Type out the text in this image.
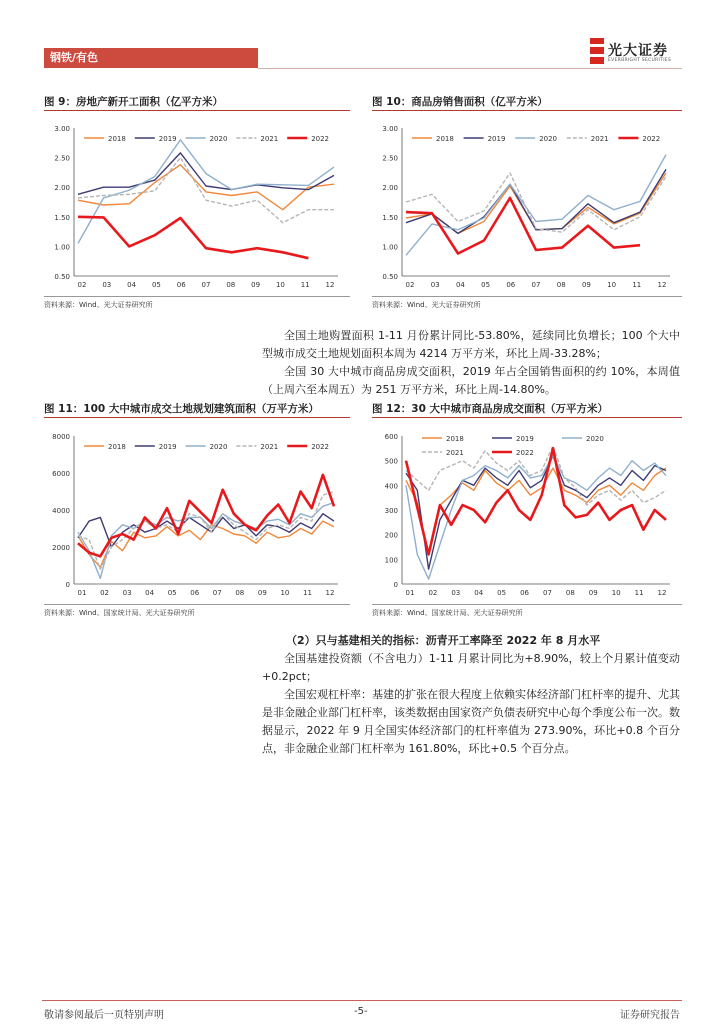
钢铁/有色	光大证券
EVERBRIGHT SECURITIES
图 9：房地产新开工面积（亿平方米）
3.00
2.50
2.00
1.50
1.00
0.50
02 03 04 05 06 07 08 09 10 11 12
2018	2019	2020	2021	2022
资料来源：Wind、光大证券研究所
图 10：商品房销售面积（亿平方米）
3.00
2.50
2.00
1.50
1.00
0.50
02 03 04 05 06 07 08 09 10 11 12
2018	2019	2020	2021	2022
资料来源：Wind、光大证券研究所
全国土地购置面积 1-11 月份累计同比-53.80%，延续同比负增长；100 个大中型城市成交土地规划面积本周为 4214 万平方米，环比上周-33.28%；
全国 30 大中城市商品房成交面积，2019 年占全国销售面积的约 10%，本周值（上周六至本周五）为 251 万平方米，环比上周-14.80%。
图 11：100 大中城市成交土地规划建筑面积（万平方米）
8000
6000
4000
2000
0
01 02 03 04 05 06 07 08 09 10 11 12
2018	2019	2020	2021	2022
资料来源：Wind、国家统计局、光大证券研究所
图 12：30 大中城市商品房成交面积（万平方米）
600
500
400
300
200
100
0
01 02 03 04 05 06 07 08 09 10 11 12
2018	2019	2020
2021	2022
资料来源：Wind、国家统计局、光大证券研究所
（2）只与基建相关的指标：沥青开工率降至 2022 年 8 月水平
全国基建投资额（不含电力）1-11 月累计同比为+8.90%，较上个月累计值变动+0.2pct；
全国宏观杠杆率：基建的扩张在很大程度上依赖实体经济部门杠杆率的提升、尤其是非金融企业部门杠杆率，该类数据由国家资产负债表研究中心每个季度公布一次。数据显示，2022 年 9 月全国实体经济部门的杠杆率值为 273.90%，环比+0.8 个百分点，非金融企业部门杠杆率为 161.80%，环比+0.5 个百分点。
敬请参阅最后一页特别声明	-5-	证券研究报告
